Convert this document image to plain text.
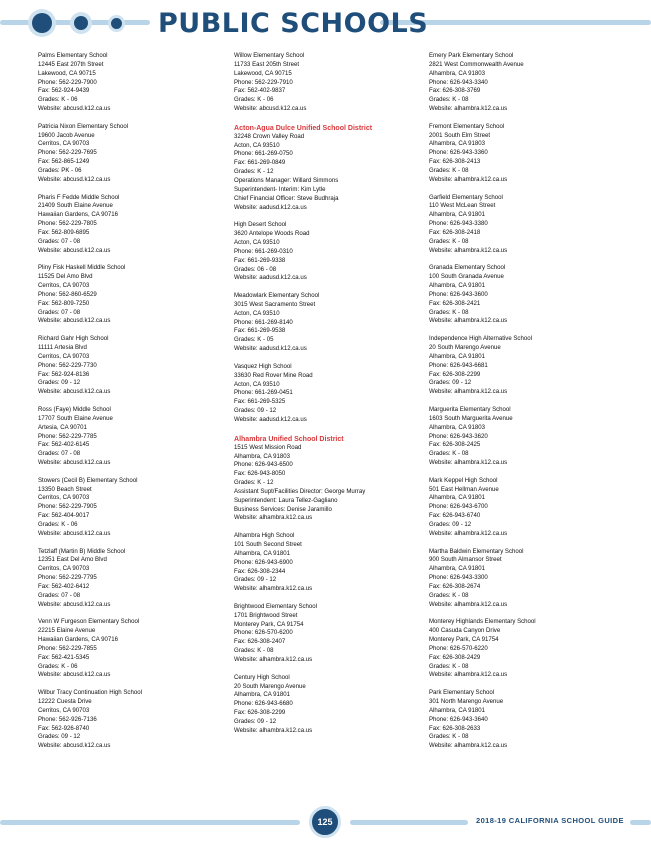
PUBLIC SCHOOLS
Palms Elementary School
12445 East 207th Street
Lakewood, CA 90715
Phone: 562-229-7900
Fax: 562-924-9439
Grades: K - 06
Website: abcusd.k12.ca.us
Patricia Nixon Elementary School
19600 Jacob Avenue
Cerritos, CA 90703
Phone: 562-229-7695
Fax: 562-865-1249
Grades: PK - 06
Website: abcusd.k12.ca.us
Pharis F Fedde Middle School
21409 South Elaine Avenue
Hawaiian Gardens, CA 90716
Phone: 562-229-7805
Fax: 562-809-6895
Grades: 07 - 08
Website: abcusd.k12.ca.us
Pliny Fisk Haskell Middle School
11525 Del Amo Blvd
Cerritos, CA 90703
Phone: 562-860-6529
Fax: 562-809-7250
Grades: 07 - 08
Website: abcusd.k12.ca.us
Richard Gahr High School
11111 Artesia Blvd
Cerritos, CA 90703
Phone: 562-229-7730
Fax: 562-924-8136
Grades: 09 - 12
Website: abcusd.k12.ca.us
Ross (Faye) Middle School
17707 South Elaine Avenue
Artesia, CA 90701
Phone: 562-229-7785
Fax: 562-402-6145
Grades: 07 - 08
Website: abcusd.k12.ca.us
Stowers (Cecil B) Elementary School
13350 Beach Street
Cerritos, CA 90703
Phone: 562-229-7905
Fax: 562-404-9017
Grades: K - 06
Website: abcusd.k12.ca.us
Tetzlaff (Martin B) Middle School
12351 East Del Amo Blvd
Cerritos, CA 90703
Phone: 562-229-7795
Fax: 562-402-6412
Grades: 07 - 08
Website: abcusd.k12.ca.us
Venn W Furgeson Elementary School
22215 Elaine Avenue
Hawaiian Gardens, CA 90716
Phone: 562-229-7855
Fax: 562-421-5345
Grades: K - 06
Website: abcusd.k12.ca.us
Wilbur Tracy Continuation High School
12222 Cuesta Drive
Cerritos, CA 90703
Phone: 562-926-7136
Fax: 562-926-8740
Grades: 09 - 12
Website: abcusd.k12.ca.us
Willow Elementary School
11733 East 205th Street
Lakewood, CA 90715
Phone: 562-229-7910
Fax: 562-402-9837
Grades: K - 06
Website: abcusd.k12.ca.us
Acton-Agua Dulce Unified School District
32248 Crown Valley Road
Acton, CA 93510
Phone: 661-269-0750
Fax: 661-269-0849
Grades: K - 12
Operations Manager: Willard Simmons
Superintendent- Interim: Kim Lytle
Chief Financial Officer: Steve Budhraja
Website: aadusd.k12.ca.us
High Desert School
3620 Antelope Woods Road
Acton, CA 93510
Phone: 661-269-0310
Fax: 661-269-9338
Grades: 06 - 08
Website: aadusd.k12.ca.us
Meadowlark Elementary School
3015 West Sacramento Street
Acton, CA 93510
Phone: 661-269-8140
Fax: 661-269-9538
Grades: K - 05
Website: aadusd.k12.ca.us
Vasquez High School
33630 Red Rover Mine Road
Acton, CA 93510
Phone: 661-269-0451
Fax: 661-269-5325
Grades: 09 - 12
Website: aadusd.k12.ca.us
Alhambra Unified School District
1515 West Mission Road
Alhambra, CA 91803
Phone: 626-943-6500
Fax: 626-943-8050
Grades: K - 12
Assistant Supt/Facilities Director: George Murray
Superintendent: Laura Tellez-Gagliano
Business Services: Denise Jaramillo
Website: alhambra.k12.ca.us
Alhambra High School
101 South Second Street
Alhambra, CA 91801
Phone: 626-943-6900
Fax: 626-308-2344
Grades: 09 - 12
Website: alhambra.k12.ca.us
Brightwood Elementary School
1701 Brightwood Street
Monterey Park, CA 91754
Phone: 626-570-6200
Fax: 626-308-2407
Grades: K - 08
Website: alhambra.k12.ca.us
Century High School
20 South Marengo Avenue
Alhambra, CA 91801
Phone: 626-943-6680
Fax: 626-308-2299
Grades: 09 - 12
Website: alhambra.k12.ca.us
Emery Park Elementary School
2821 West Commonwealth Avenue
Alhambra, CA 91803
Phone: 626-943-3340
Fax: 626-308-3769
Grades: K - 08
Website: alhambra.k12.ca.us
Fremont Elementary School
2001 South Elm Street
Alhambra, CA 91803
Phone: 626-943-3360
Fax: 626-308-2413
Grades: K - 08
Website: alhambra.k12.ca.us
Garfield Elementary School
110 West McLean Street
Alhambra, CA 91801
Phone: 626-943-3380
Fax: 626-308-2418
Grades: K - 08
Website: alhambra.k12.ca.us
Granada Elementary School
100 South Granada Avenue
Alhambra, CA 91801
Phone: 626-943-3600
Fax: 626-308-2421
Grades: K - 08
Website: alhambra.k12.ca.us
Independence High Alternative School
20 South Marengo Avenue
Alhambra, CA 91801
Phone: 626-943-6681
Fax: 626-308-2299
Grades: 09 - 12
Website: alhambra.k12.ca.us
Marguerita Elementary School
1603 South Marguerita Avenue
Alhambra, CA 91803
Phone: 626-943-3620
Fax: 626-308-2425
Grades: K - 08
Website: alhambra.k12.ca.us
Mark Keppel High School
501 East Hellman Avenue
Alhambra, CA 91801
Phone: 626-943-6700
Fax: 626-943-6740
Grades: 09 - 12
Website: alhambra.k12.ca.us
Martha Baldwin Elementary School
900 South Almansor Street
Alhambra, CA 91801
Phone: 626-943-3300
Fax: 626-308-2674
Grades: K - 08
Website: alhambra.k12.ca.us
Monterey Highlands Elementary School
400 Casuda Canyon Drive
Monterey Park, CA 91754
Phone: 626-570-6220
Fax: 626-308-2429
Grades: K - 08
Website: alhambra.k12.ca.us
Park Elementary School
301 North Marengo Avenue
Alhambra, CA 91801
Phone: 626-943-3640
Fax: 626-308-2633
Grades: K - 08
Website: alhambra.k12.ca.us
125	2018-19 CALIFORNIA SCHOOL GUIDE
